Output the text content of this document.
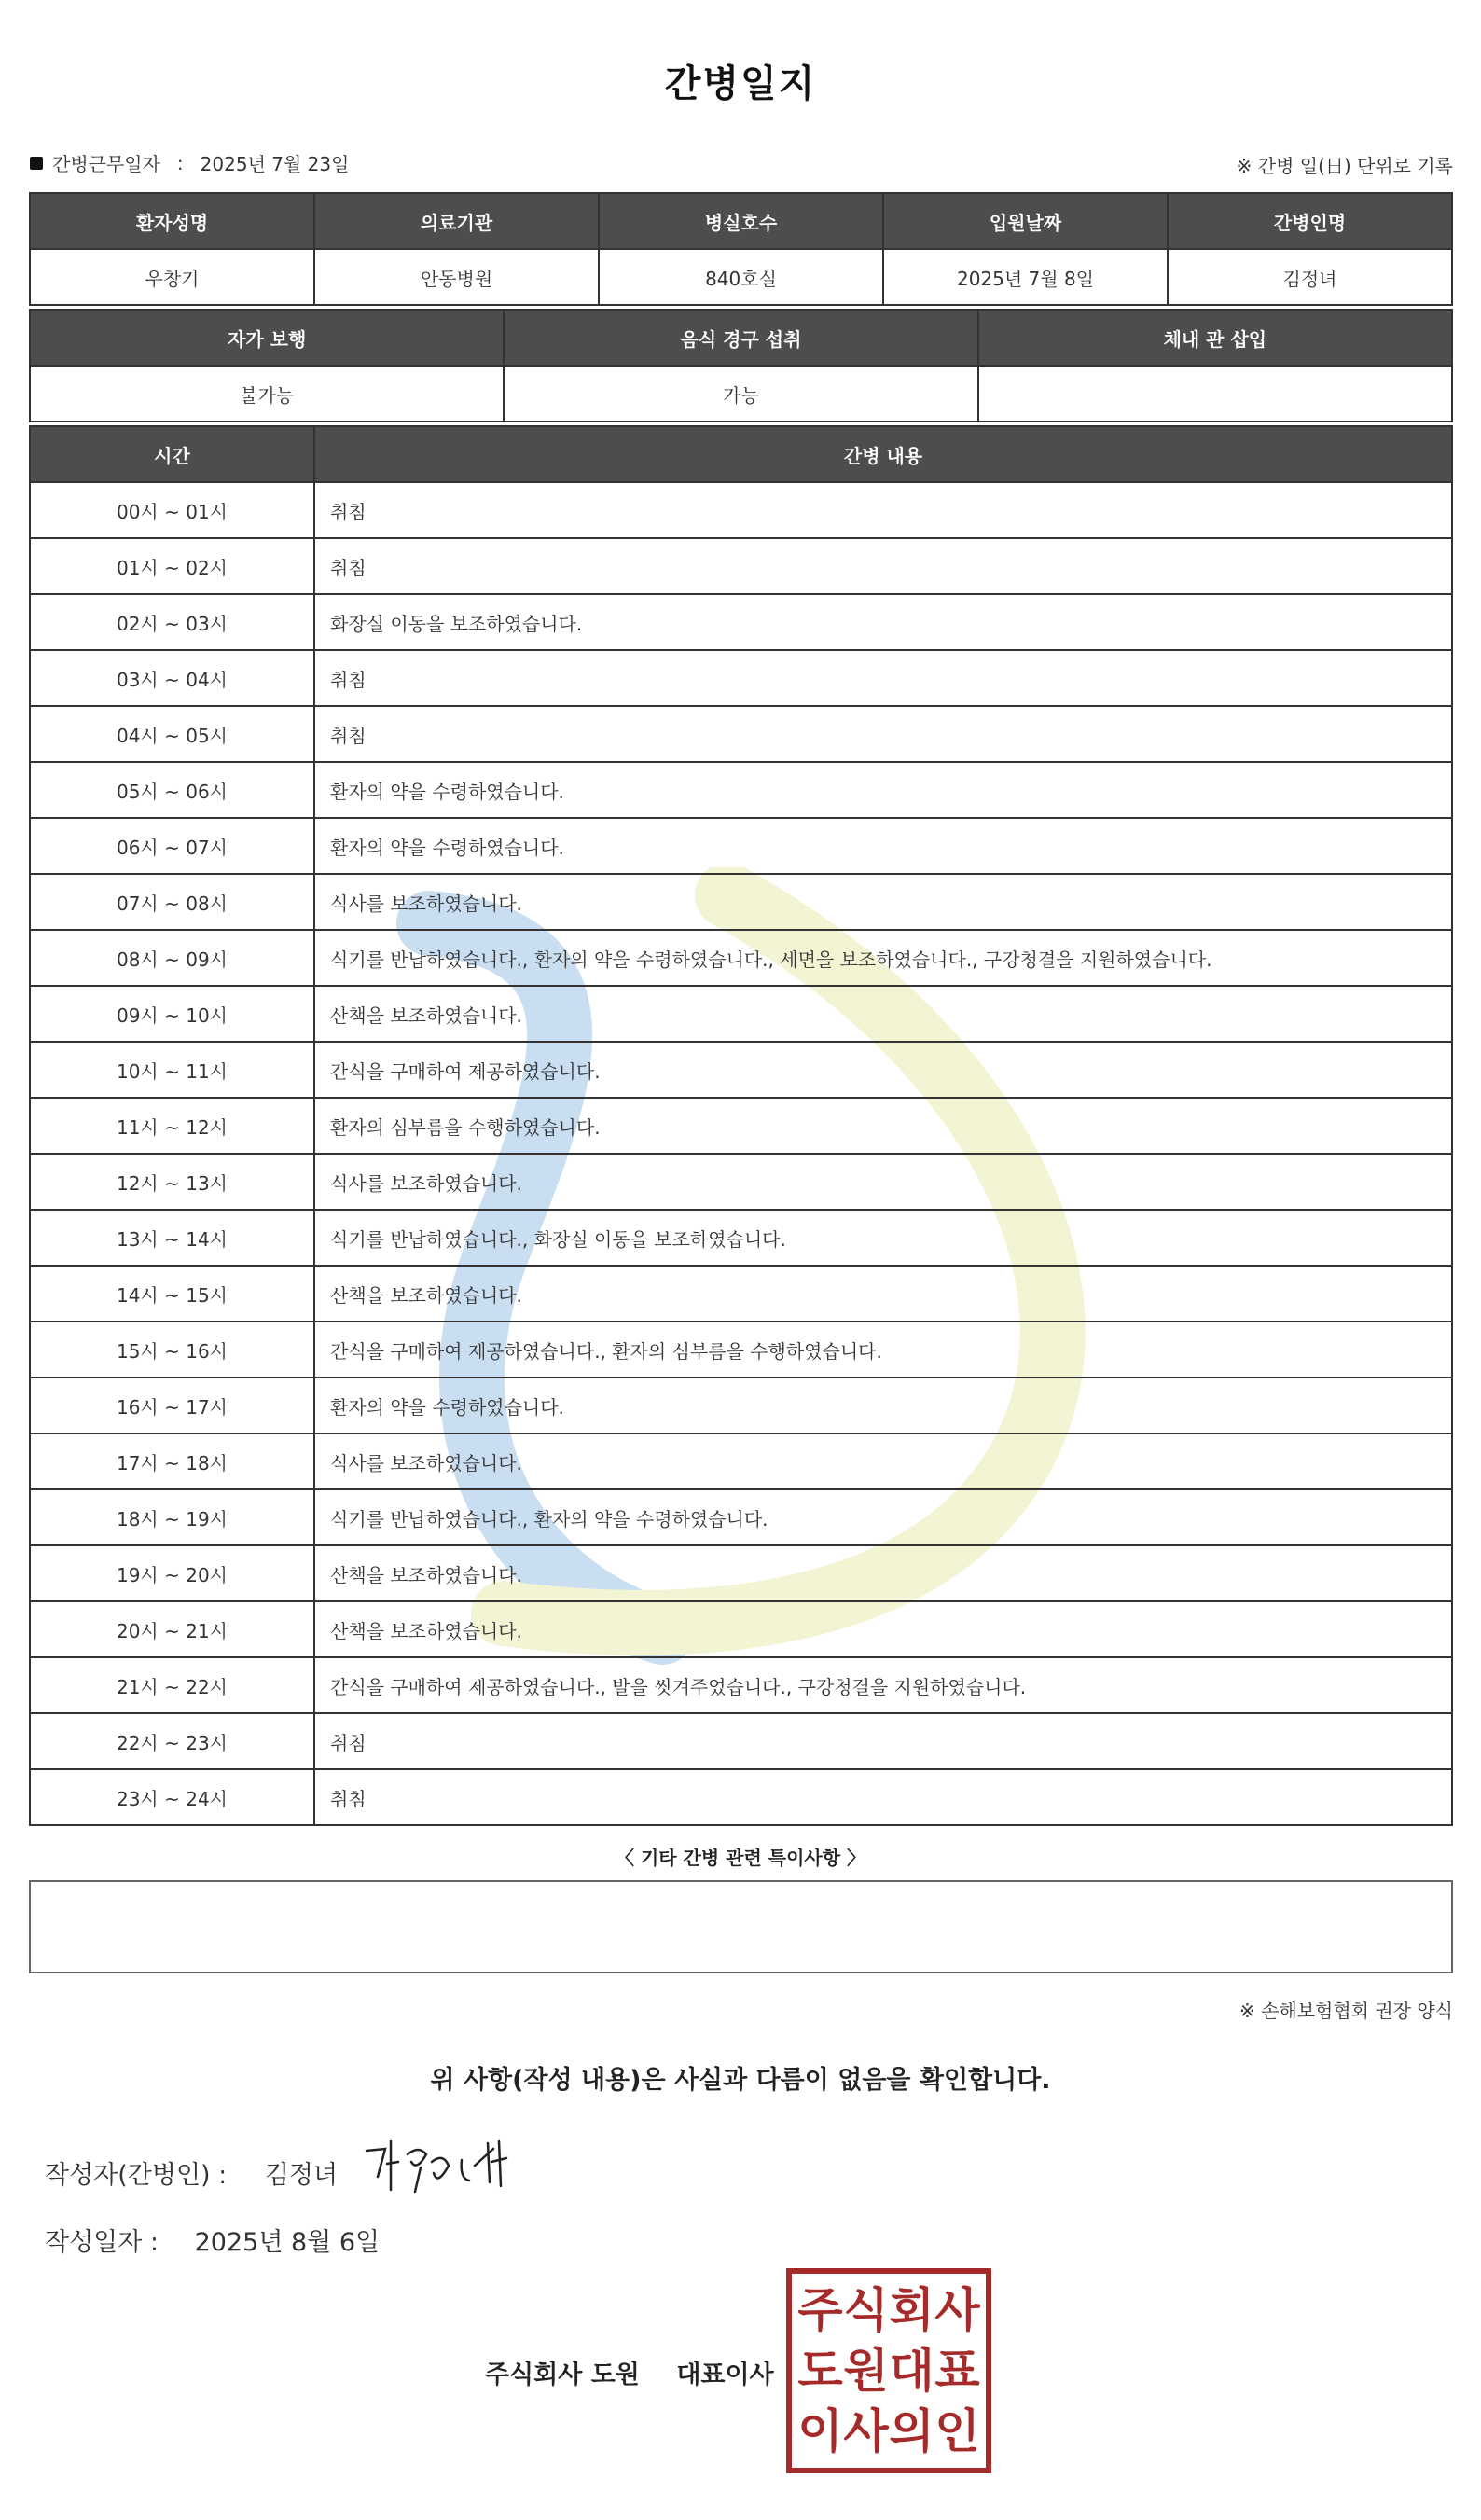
간병일지
간병근무일자 : 2025년 7월 23일	※ 간병 일(日) 단위로 기록
환자성명	의료기관	병실호수	입원날짜	간병인명
우창기	안동병원	840호실	2025년 7월 8일	김정녀
자가 보행	음식 경구 섭취	체내 관 삽입
불가능	가능	
시간	간병 내용
00시 ~ 01시	취침
01시 ~ 02시	취침
02시 ~ 03시	화장실 이동을 보조하였습니다.
03시 ~ 04시	취침
04시 ~ 05시	취침
05시 ~ 06시	환자의 약을 수령하였습니다.
06시 ~ 07시	환자의 약을 수령하였습니다.
07시 ~ 08시	식사를 보조하였습니다.
08시 ~ 09시	식기를 반납하였습니다., 환자의 약을 수령하였습니다., 세면을 보조하였습니다., 구강청결을 지원하였습니다.
09시 ~ 10시	산책을 보조하였습니다.
10시 ~ 11시	간식을 구매하여 제공하였습니다.
11시 ~ 12시	환자의 심부름을 수행하였습니다.
12시 ~ 13시	식사를 보조하였습니다.
13시 ~ 14시	식기를 반납하였습니다., 화장실 이동을 보조하였습니다.
14시 ~ 15시	산책을 보조하였습니다.
15시 ~ 16시	간식을 구매하여 제공하였습니다., 환자의 심부름을 수행하였습니다.
16시 ~ 17시	환자의 약을 수령하였습니다.
17시 ~ 18시	식사를 보조하였습니다.
18시 ~ 19시	식기를 반납하였습니다., 환자의 약을 수령하였습니다.
19시 ~ 20시	산책을 보조하였습니다.
20시 ~ 21시	산책을 보조하였습니다.
21시 ~ 22시	간식을 구매하여 제공하였습니다., 발을 씻겨주었습니다., 구강청결을 지원하였습니다.
22시 ~ 23시	취침
23시 ~ 24시	취침
〈 기타 간병 관련 특이사항 〉
※ 손해보험협회 권장 양식
위 사항(작성 내용)은 사실과 다름이 없음을 확인합니다.
작성자(간병인) : 김정녀
작성일자 : 2025년 8월 6일
주식회사 도원 대표이사
주 식 회 사
도 원 대 표
이 사 의 인
